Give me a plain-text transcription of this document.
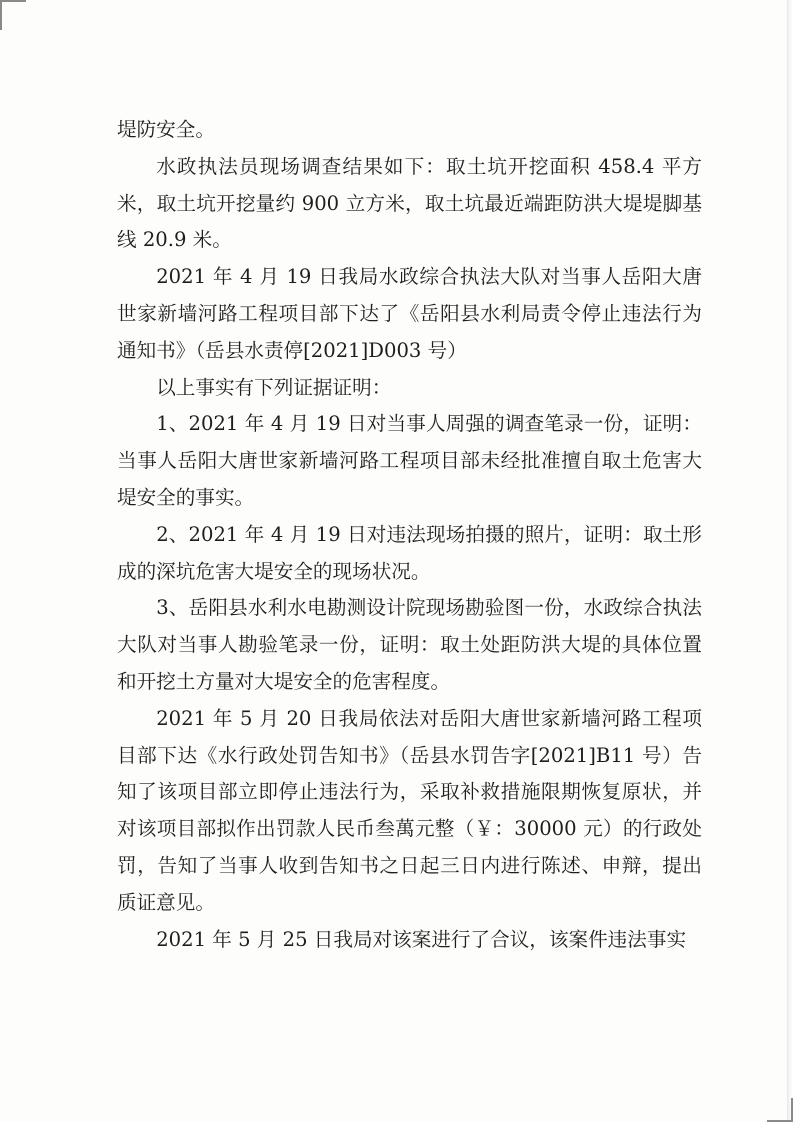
堤防安全。

水政执法员现场调查结果如下：取土坑开挖面积 458.4 平方米，取土坑开挖量约 900 立方米，取土坑最近端距防洪大堤堤脚基线 20.9 米。

2021 年 4 月 19 日我局水政综合执法大队对当事人岳阳大唐世家新墙河路工程项目部下达了《岳阳县水利局责令停止违法行为通知书》（岳县水责停[2021]D003 号）

以上事实有下列证据证明：

1、2021 年 4 月 19 日对当事人周强的调查笔录一份，证明：当事人岳阳大唐世家新墙河路工程项目部未经批准擅自取土危害大堤安全的事实。

2、2021 年 4 月 19 日对违法现场拍摄的照片，证明：取土形成的深坑危害大堤安全的现场状况。

3、岳阳县水利水电勘测设计院现场勘验图一份，水政综合执法大队对当事人勘验笔录一份，证明：取土处距防洪大堤的具体位置和开挖土方量对大堤安全的危害程度。

2021 年 5 月 20 日我局依法对岳阳大唐世家新墙河路工程项目部下达《水行政处罚告知书》（岳县水罚告字[2021]B11 号）告知了该项目部立即停止违法行为，采取补救措施限期恢复原状，并对该项目部拟作出罚款人民币叁萬元整（￥：30000 元）的行政处罚，告知了当事人收到告知书之日起三日内进行陈述、申辩，提出质证意见。

2021 年 5 月 25 日我局对该案进行了合议，该案件违法事实
